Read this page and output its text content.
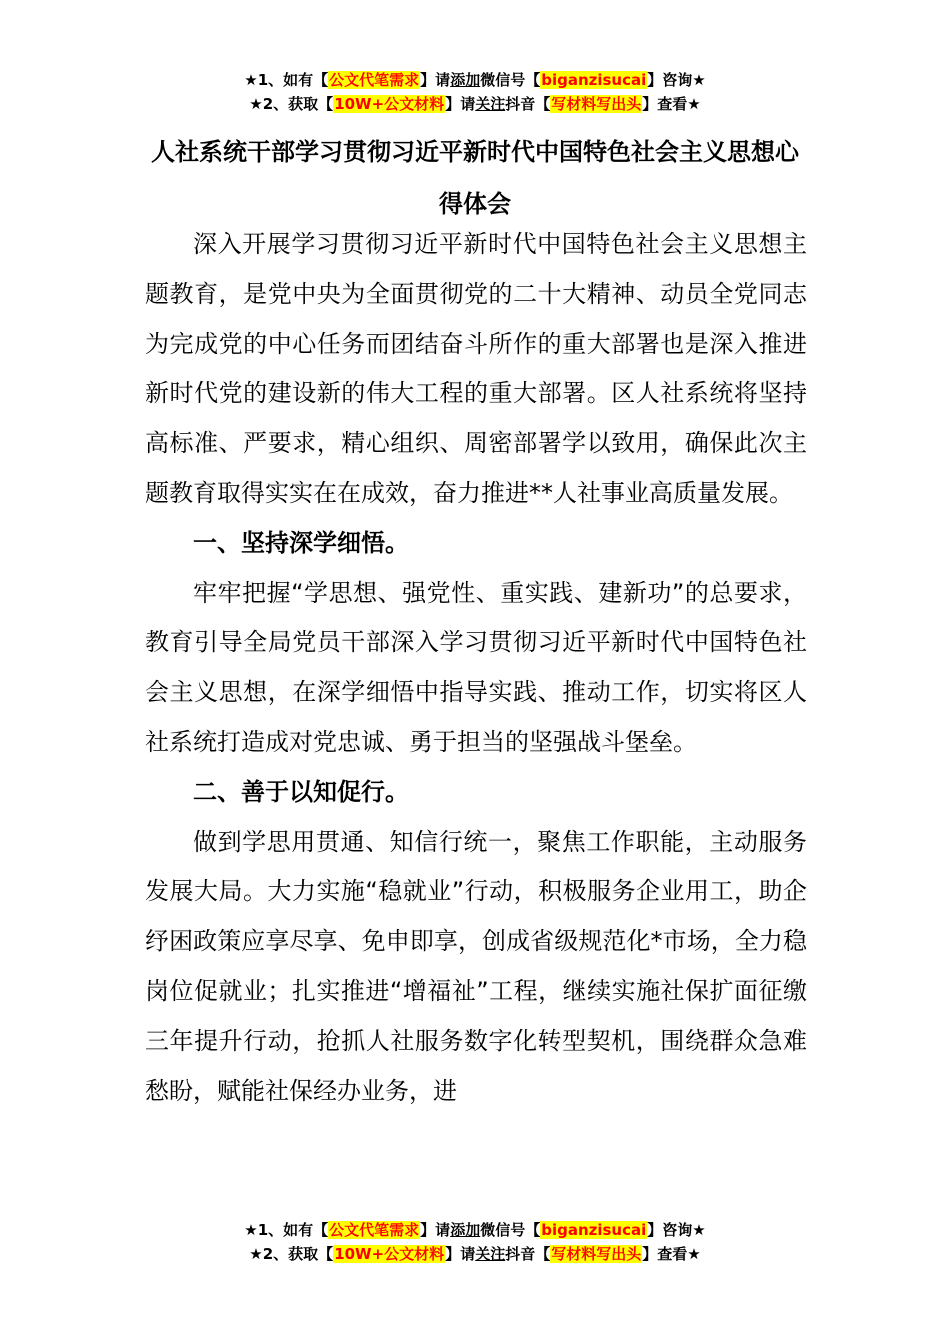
★1、如有【公文代笔需求】请添加微信号【biganzisucai】咨询★
★2、获取【10W+公文材料】请关注抖音【写材料写出头】查看★
人社系统干部学习贯彻习近平新时代中国特色社会主义思想心得体会

深入开展学习贯彻习近平新时代中国特色社会主义思想主题教育，是党中央为全面贯彻党的二十大精神、动员全党同志为完成党的中心任务而团结奋斗所作的重大部署也是深入推进新时代党的建设新的伟大工程的重大部署。区人社系统将坚持高标准、严要求，精心组织、周密部署学以致用，确保此次主题教育取得实实在在成效，奋力推进**人社事业高质量发展。

一、坚持深学细悟。

牢牢把握“学思想、强党性、重实践、建新功”的总要求，教育引导全局党员干部深入学习贯彻习近平新时代中国特色社会主义思想，在深学细悟中指导实践、推动工作，切实将区人社系统打造成对党忠诚、勇于担当的坚强战斗堡垒。

二、善于以知促行。

做到学思用贯通、知信行统一，聚焦工作职能，主动服务发展大局。大力实施“稳就业”行动，积极服务企业用工，助企纾困政策应享尽享、免申即享，创成省级规范化*市场，全力稳岗位促就业；扎实推进“增福祉”工程，继续实施社保扩面征缴三年提升行动，抢抓人社服务数字化转型契机，围绕群众急难愁盼，赋能社保经办业务，进

★1、如有【公文代笔需求】请添加微信号【biganzisucai】咨询★
★2、获取【10W+公文材料】请关注抖音【写材料写出头】查看★
